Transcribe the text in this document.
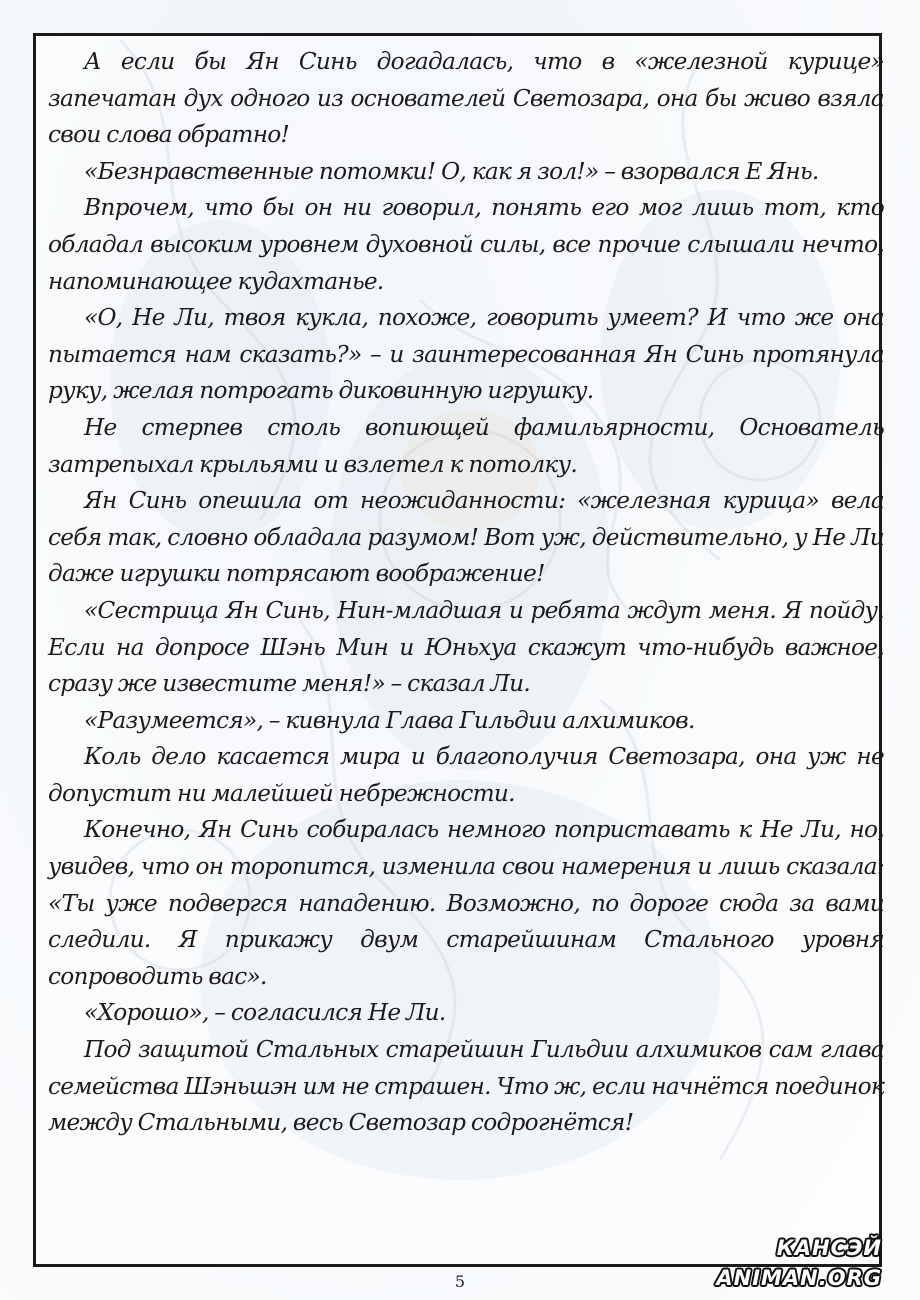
А если бы Ян Синь догадалась, что в «железной курице» запечатан дух одного из основателей Светозара, она бы живо взяла свои слова обратно!

«Безнравственные потомки! О, как я зол!» – взорвался Е Янь.

Впрочем, что бы он ни говорил, понять его мог лишь тот, кто обладал высоким уровнем духовной силы, все прочие слышали нечто, напоминающее кудахтанье.

«О, Не Ли, твоя кукла, похоже, говорить умеет? И что же она пытается нам сказать?» – и заинтересованная Ян Синь протянула руку, желая потрогать диковинную игрушку.

Не стерпев столь вопиющей фамильярности, Основатель затрепыхал крыльями и взлетел к потолку.

Ян Синь опешила от неожиданности: «железная курица» вела себя так, словно обладала разумом! Вот уж, действительно, у Не Ли даже игрушки потрясают воображение!

«Сестрица Ян Синь, Нин-младшая и ребята ждут меня. Я пойду. Если на допросе Шэнь Мин и Юньхуа скажут что-нибудь важное, сразу же известите меня!» – сказал Ли.

«Разумеется», – кивнула Глава Гильдии алхимиков.

Коль дело касается мира и благополучия Светозара, она уж не допустит ни малейшей небрежности.

Конечно, Ян Синь собиралась немного поприставать к Не Ли, но, увидев, что он торопится, изменила свои намерения и лишь сказала: «Ты уже подвергся нападению. Возможно, по дороге сюда за вами следили. Я прикажу двум старейшинам Стального уровня сопроводить вас».

«Хорошо», – согласился Не Ли.

Под защитой Стальных старейшин Гильдии алхимиков сам глава семейства Шэньшэн им не страшен. Что ж, если начнётся поединок между Стальными, весь Светозар содрогнётся!

КАНСЭЙ ANIMAN.ORG
5
